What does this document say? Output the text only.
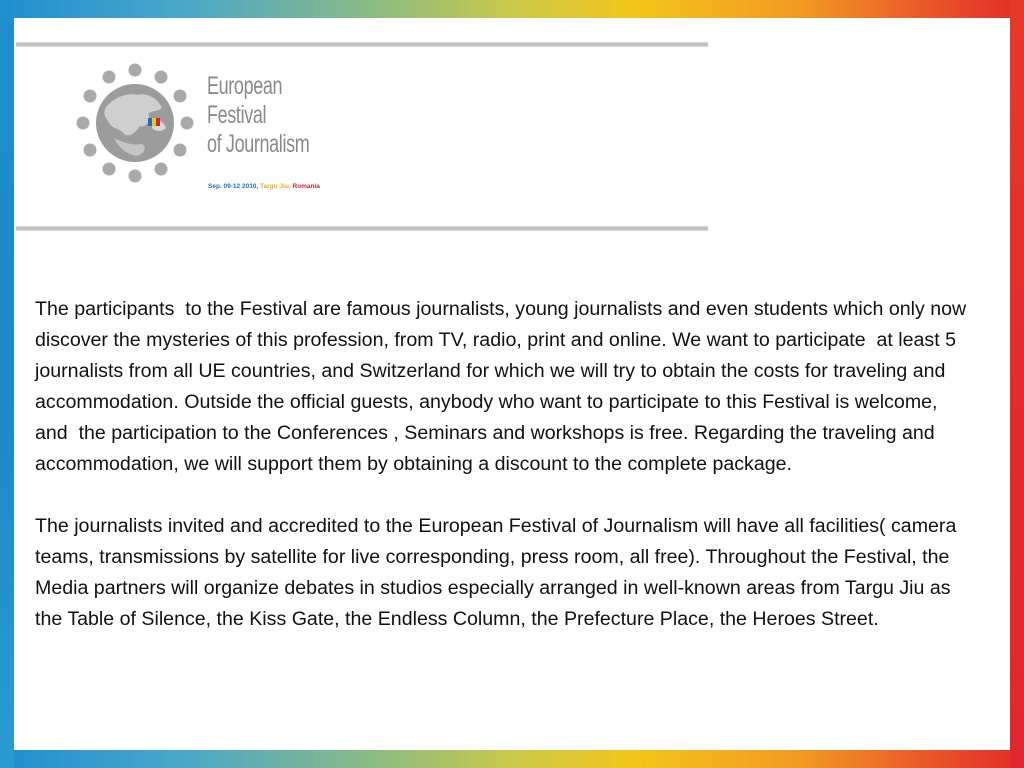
European
Festival
of Journalism
Sep. 09-12 2010, Targu Jiu, Romania

The participants  to the Festival are famous journalists, young journalists and even students which only now discover the mysteries of this profession, from TV, radio, print and online. We want to participate  at least 5 journalists from all UE countries, and Switzerland for which we will try to obtain the costs for traveling and accommodation. Outside the official guests, anybody who want to participate to this Festival is welcome, and  the participation to the Conferences , Seminars and workshops is free. Regarding the traveling and accommodation, we will support them by obtaining a discount to the complete package.

The journalists invited and accredited to the European Festival of Journalism will have all facilities( camera teams, transmissions by satellite for live corresponding, press room, all free). Throughout the Festival, the Media partners will organize debates in studios especially arranged in well-known areas from Targu Jiu as the Table of Silence, the Kiss Gate, the Endless Column, the Prefecture Place, the Heroes Street.
